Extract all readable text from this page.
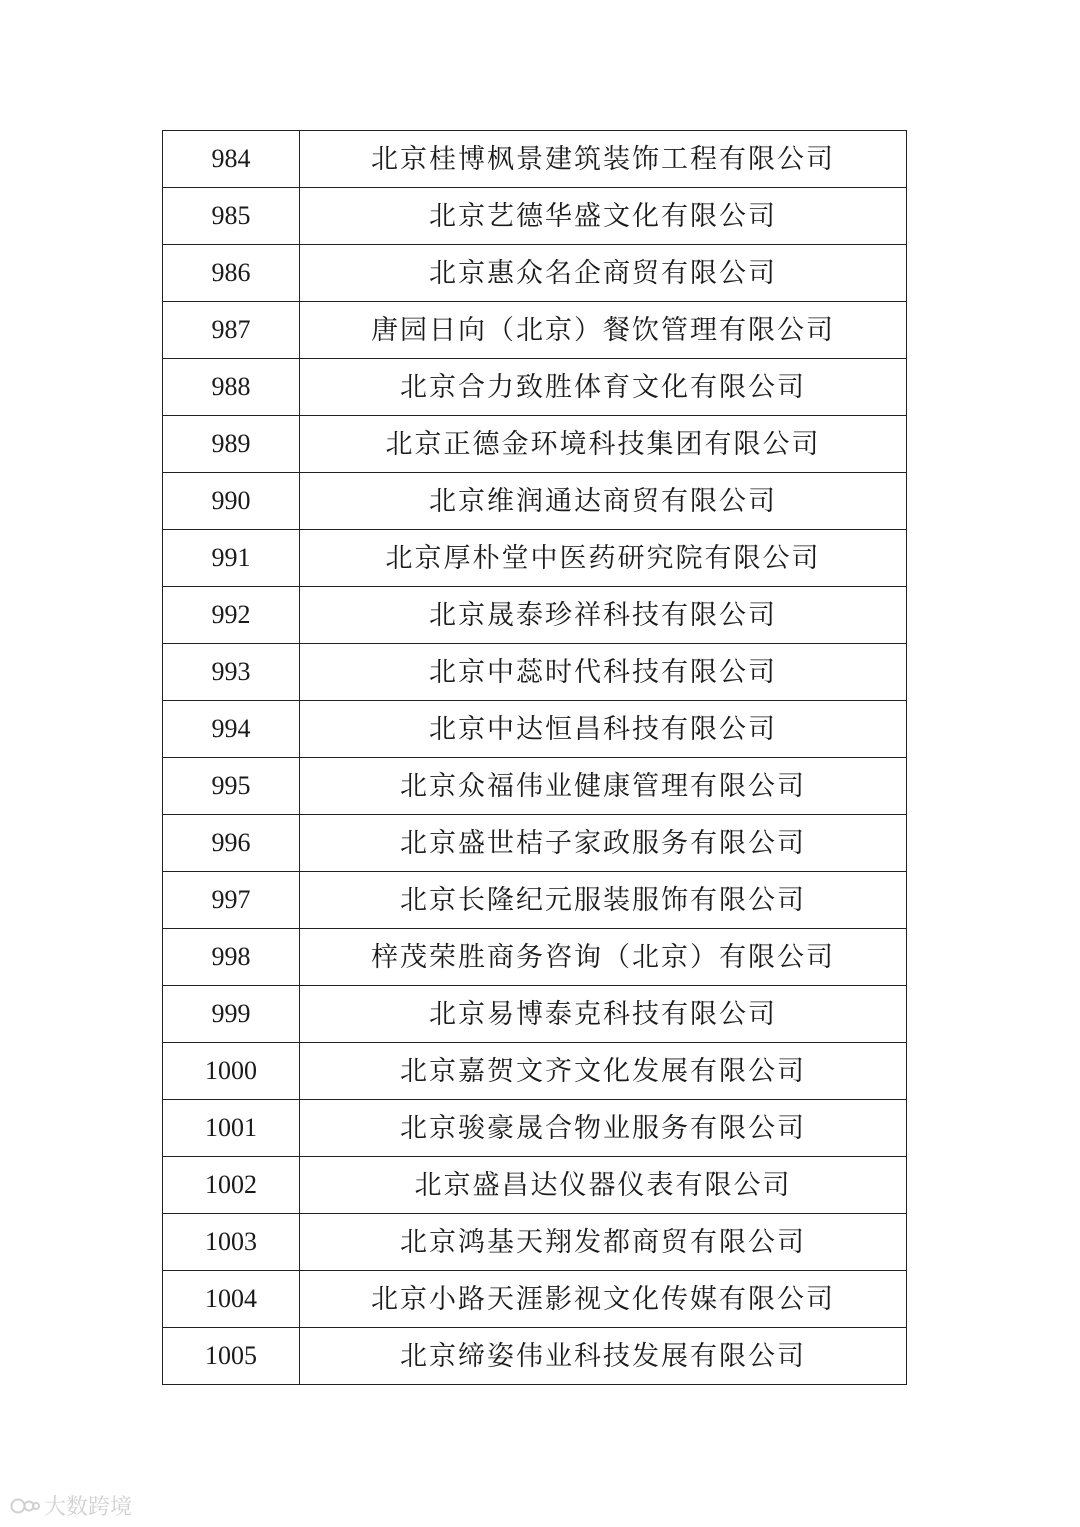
984	北京桂博枫景建筑装饰工程有限公司
985	北京艺德华盛文化有限公司
986	北京惠众名企商贸有限公司
987	唐园日向（北京）餐饮管理有限公司
988	北京合力致胜体育文化有限公司
989	北京正德金环境科技集团有限公司
990	北京维润通达商贸有限公司
991	北京厚朴堂中医药研究院有限公司
992	北京晟泰珍祥科技有限公司
993	北京中蕊时代科技有限公司
994	北京中达恒昌科技有限公司
995	北京众福伟业健康管理有限公司
996	北京盛世桔子家政服务有限公司
997	北京长隆纪元服装服饰有限公司
998	梓茂荣胜商务咨询（北京）有限公司
999	北京易博泰克科技有限公司
1000	北京嘉贺文齐文化发展有限公司
1001	北京骏豪晟合物业服务有限公司
1002	北京盛昌达仪器仪表有限公司
1003	北京鸿基天翔发都商贸有限公司
1004	北京小路天涯影视文化传媒有限公司
1005	北京缔姿伟业科技发展有限公司
大数跨境
